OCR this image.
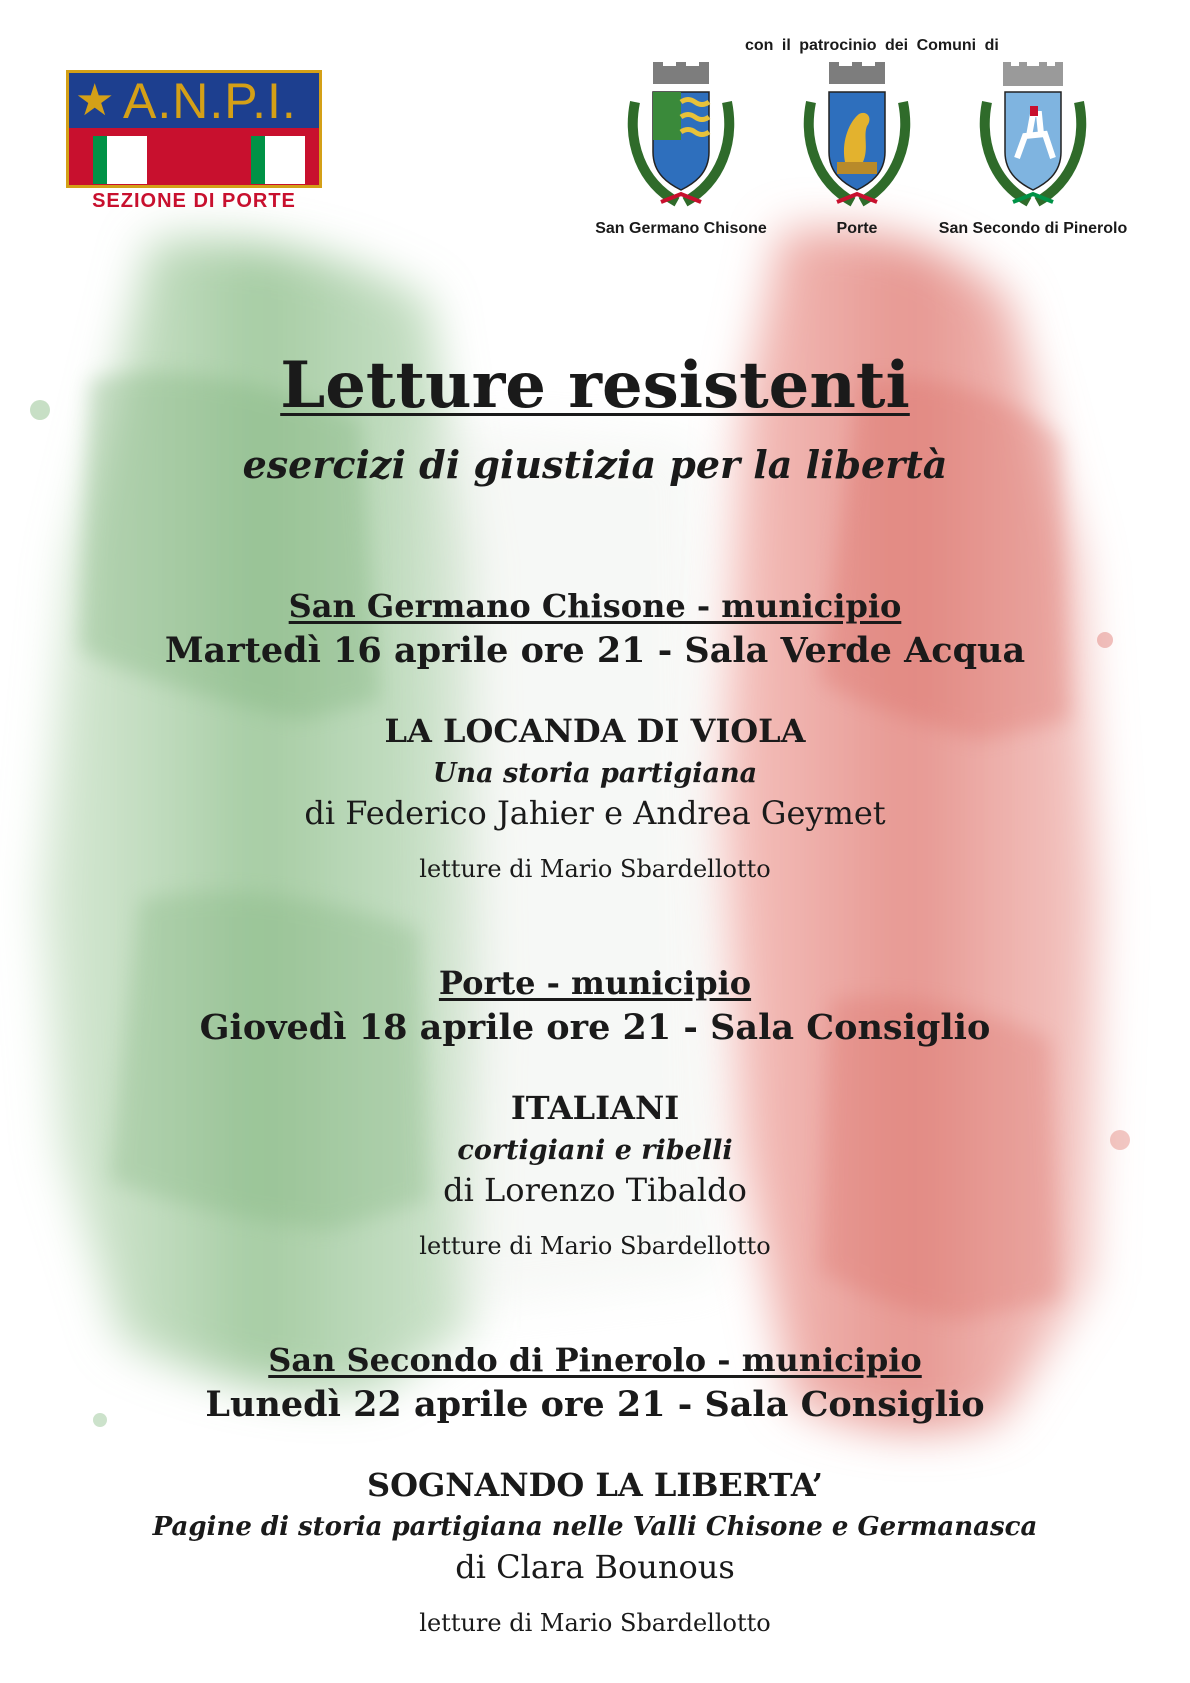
★ A.N.P.I.
SEZIONE DI PORTE
con il patrocinio dei Comuni di
San Germano Chisone	Porte	San Secondo di Pinerolo
Letture resistenti
esercizi di giustizia per la libertà
San Germano Chisone - municipio
Martedì 16 aprile ore 21 - Sala Verde Acqua
LA LOCANDA DI VIOLA
Una storia partigiana
di Federico Jahier e Andrea Geymet
letture di Mario Sbardellotto
Porte - municipio
Giovedì 18 aprile ore 21 - Sala Consiglio
ITALIANI
cortigiani e ribelli
di Lorenzo Tibaldo
letture di Mario Sbardellotto
San Secondo di Pinerolo - municipio
Lunedì 22 aprile ore 21 - Sala Consiglio
SOGNANDO LA LIBERTA’
Pagine di storia partigiana nelle Valli Chisone e Germanasca
di Clara Bounous
letture di Mario Sbardellotto
